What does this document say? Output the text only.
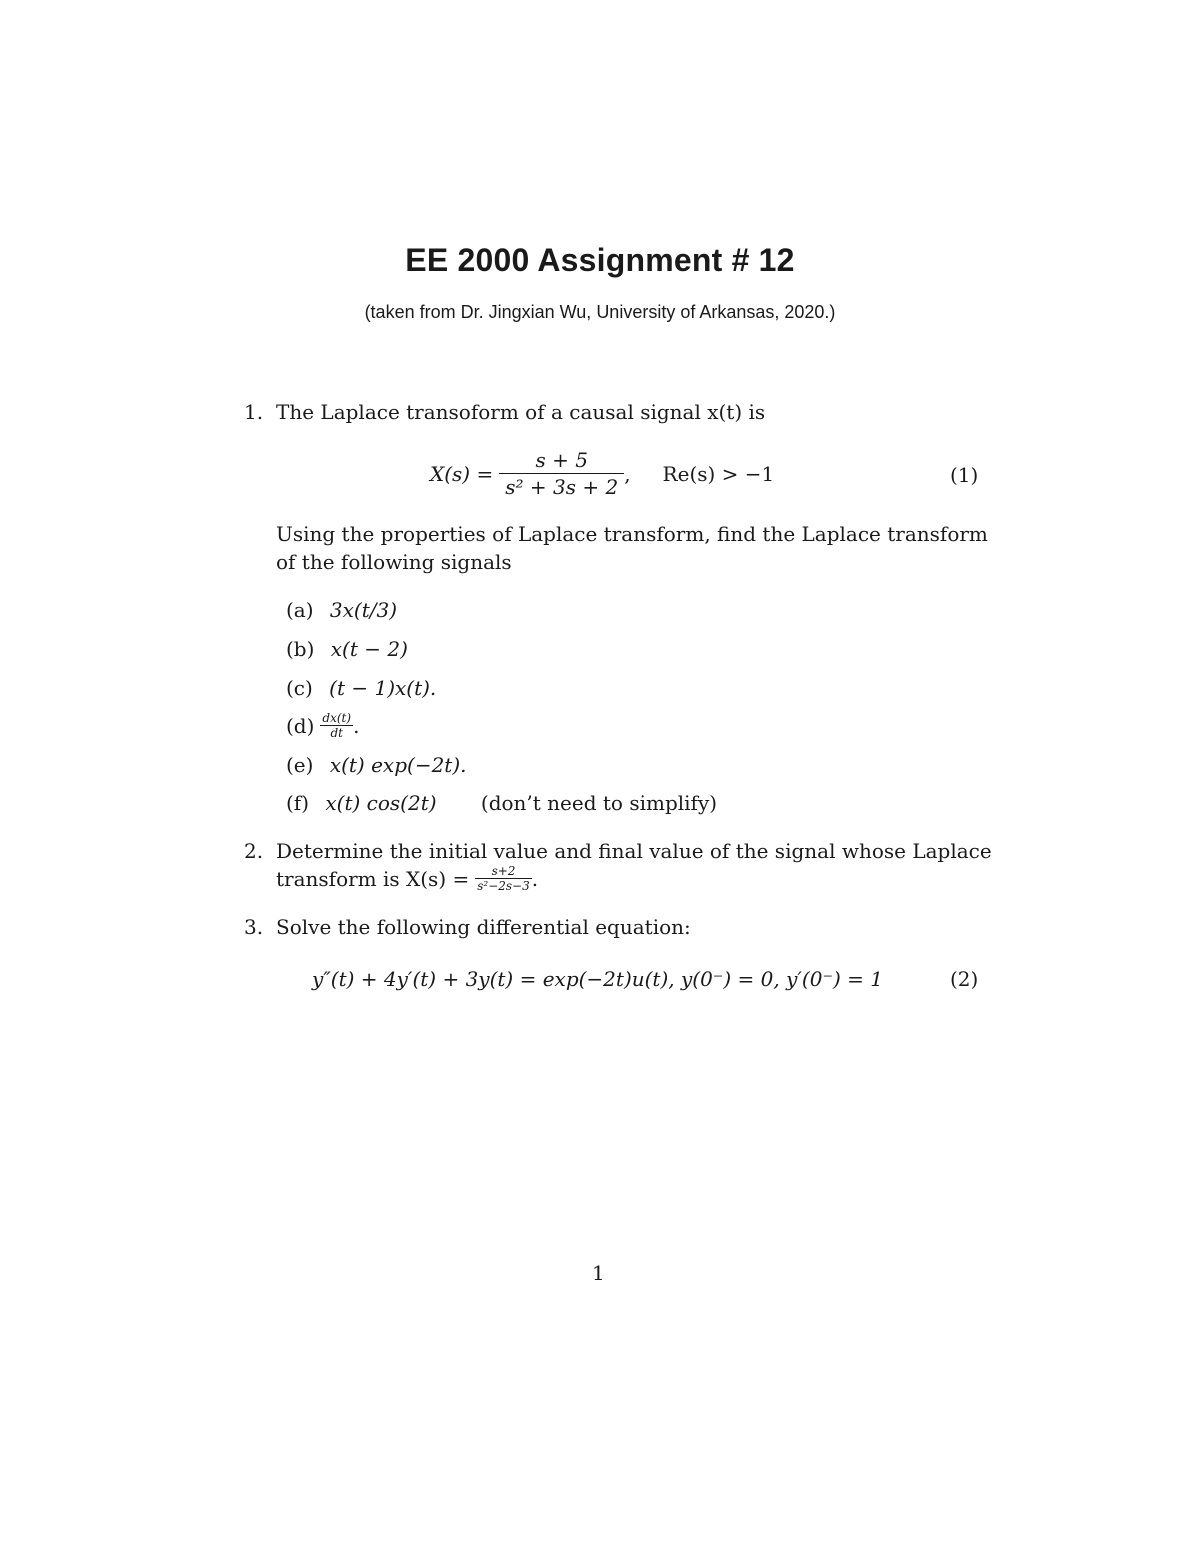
EE 2000 Assignment # 12
(taken from Dr. Jingxian Wu, University of Arkansas, 2020.)
1. The Laplace transoform of a causal signal x(t) is
$X(s) = \frac{s + 5}{\text{s² + 3s + 2}}$ , Re(s) > −1	(1)
Using the properties of Laplace transform, find the Laplace transform
of the following signals
(a) 3x(t/3)
(b) x(t − 2)
(c) (t − 1)x(t).
$(d) \frac{dx(t)}{dt}$ .
(e) x(t) exp(−2t).
(f) x(t) cos(2t) (don’t need to simplify)
2. Determine the initial value and final value of the signal whose Laplace
transform is $X(s) = \frac{s+2}{\text{s²−2s−3}}$ .
3. Solve the following differential equation:
y″(t) + 4y′(t) + 3y(t) = exp(−2t)u(t), y(0⁻) = 0, y′(0⁻) = 1	(2)
1
